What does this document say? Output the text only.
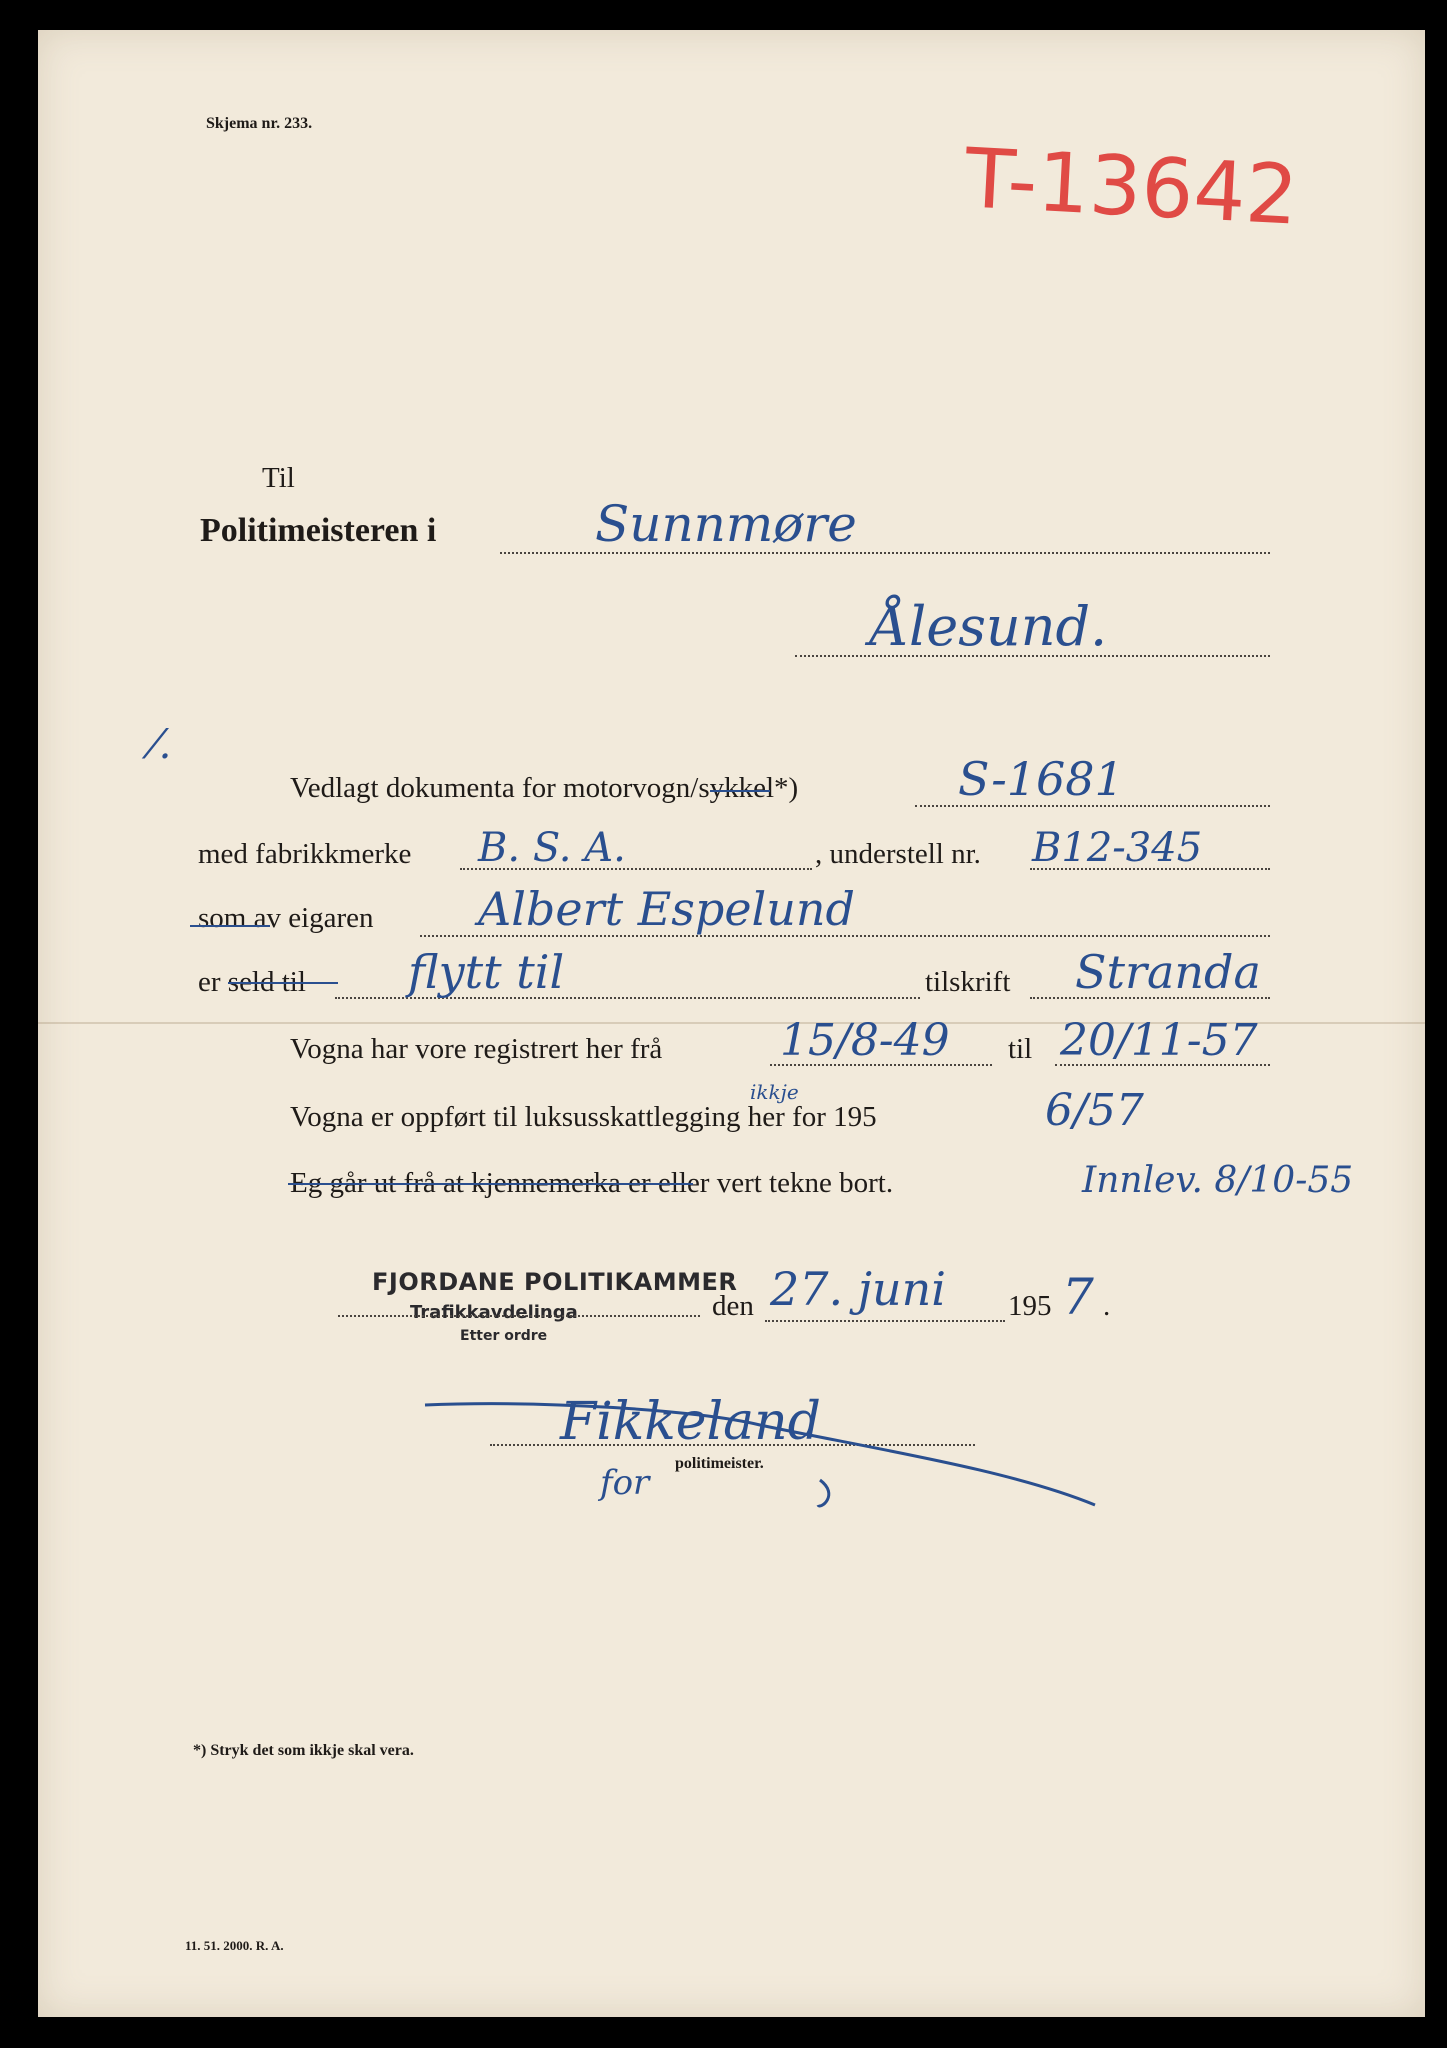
Skjema nr. 233.
T-13642
Til
Politimeisteren i	Sunnmøre
Ålesund.
⁄.
Vedlagt dokumenta for motorvogn/sykkel*)	S-1681
med fabrikkmerke B. S. A.	, understell nr. B12-345
som av eigaren Albert Espelund
er seld til flytt til	tilskrift Stranda
Vogna har vore registrert her frå	15/8-49 til 20/11-57
Vogna er oppført til luksusskattlegging her for 195
ikkje	6/57
Eg går ut frå at kjennemerka er eller vert tekne bort.	Innlev. 8/10-55
FJORDANE POLITIKAMMER
Trafikkavdelinga
Etter ordre
den 27. juni 195 7 .
Fikkeland
for politimeister.
*) Stryk det som ikkje skal vera.
11. 51. 2000. R. A.
